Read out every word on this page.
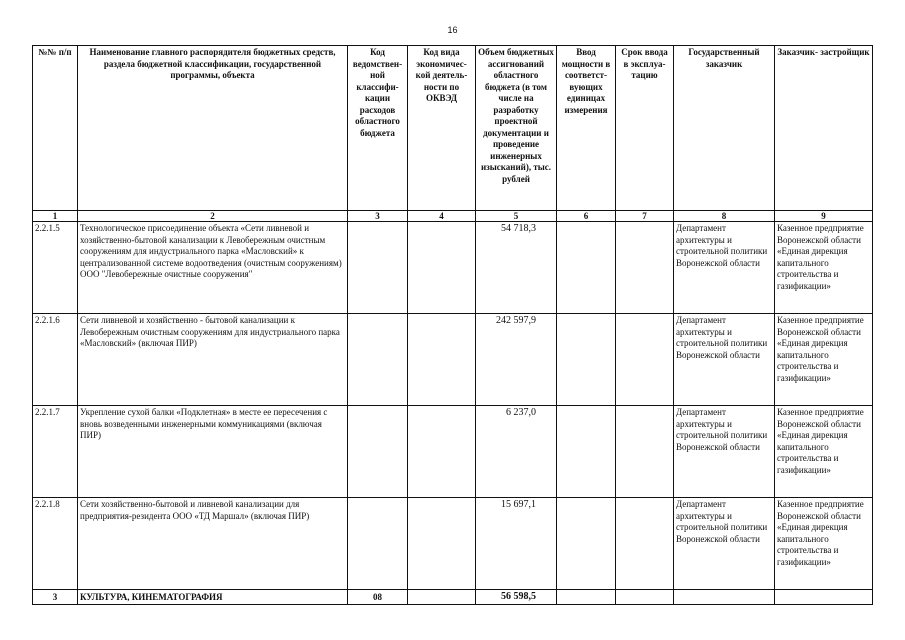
16
№№ п/п	Наименование главного распорядителя бюджетных средств, раздела бюджетной классификации, государственной программы, объекта	Код ведомствен- ной классифи- кации расходов областного бюджета	Код вида экономичес- кой деятель- ности по ОКВЭД	Объем бюджетных ассигнований областного бюджета (в том числе на разработку проектной документации и проведение инженерных изысканий), тыс. рублей	Ввод мощности в соответст- вующих единицах измерения	Срок ввода в эксплуа- тацию	Государственный заказчик	Заказчик- застройщик
1	2	3	4	5	6	7	8	9
2.2.1.5	Технологическое присоединение объекта «Сети ливневой и хозяйственно-бытовой канализации к Левобережным очистным сооружениям для индустриального парка «Масловский» к централизованной системе водоотведения (очистным сооружениям) ООО "Левобережные очистные сооружения"			54 718,3			Департамент архитектуры и строительной политики Воронежской области	Казенное предприятие Воронежской области «Единая дирекция капитального строительства и газификации»
2.2.1.6	Сети ливневой и хозяйственно - бытовой канализации к Левобережным очистным сооружениям для индустриального парка «Масловский» (включая ПИР)			242 597,9			Департамент архитектуры и строительной политики Воронежской области	Казенное предприятие Воронежской области «Единая дирекция капитального строительства и газификации»
2.2.1.7	Укрепление сухой балки «Подклетная» в месте ее пересечения с вновь возведенными инженерными коммуникациями (включая ПИР)			6 237,0			Департамент архитектуры и строительной политики Воронежской области	Казенное предприятие Воронежской области «Единая дирекция капитального строительства и газификации»
2.2.1.8	Сети хозяйственно-бытовой и ливневой канализации для предприятия-резидента ООО «ТД Маршал» (включая ПИР)			15 697,1			Департамент архитектуры и строительной политики Воронежской области	Казенное предприятие Воронежской области «Единая дирекция капитального строительства и газификации»
3	КУЛЬТУРА, КИНЕМАТОГРАФИЯ	08		56 598,5				
